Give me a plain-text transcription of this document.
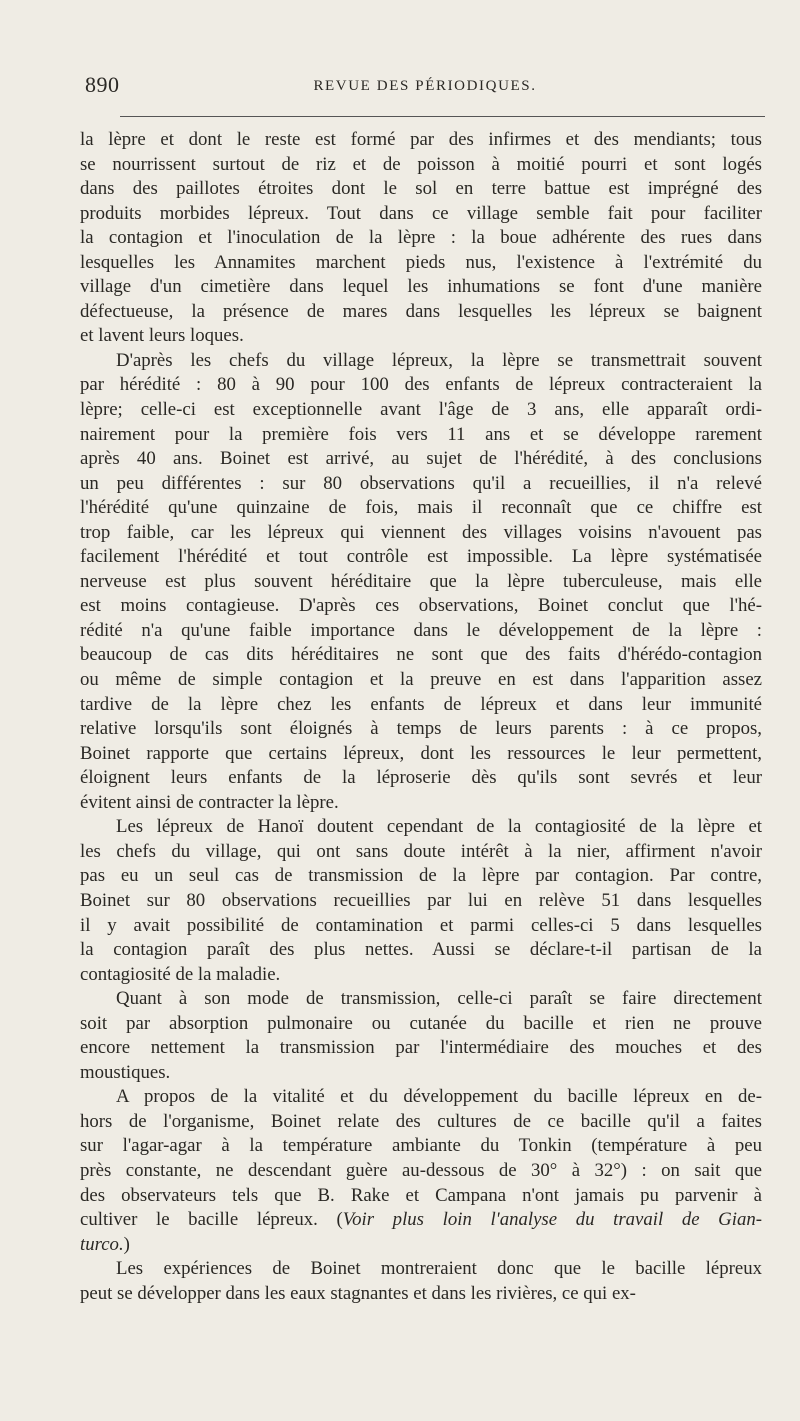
890	REVUE DES PÉRIODIQUES.

la lèpre et dont le reste est formé par des infirmes et des mendiants; tous
se nourrissent surtout de riz et de poisson à moitié pourri et sont logés
dans des paillotes étroites dont le sol en terre battue est imprégné des
produits morbides lépreux. Tout dans ce village semble fait pour faciliter
la contagion et l'inoculation de la lèpre : la boue adhérente des rues dans
lesquelles les Annamites marchent pieds nus, l'existence à l'extrémité du
village d'un cimetière dans lequel les inhumations se font d'une manière
défectueuse, la présence de mares dans lesquelles les lépreux se baignent
et lavent leurs loques.

D'après les chefs du village lépreux, la lèpre se transmettrait souvent
par hérédité : 80 à 90 pour 100 des enfants de lépreux contracteraient la
lèpre; celle-ci est exceptionnelle avant l'âge de 3 ans, elle apparaît ordi-
nairement pour la première fois vers 11 ans et se développe rarement
après 40 ans. Boinet est arrivé, au sujet de l'hérédité, à des conclusions
un peu différentes : sur 80 observations qu'il a recueillies, il n'a relevé
l'hérédité qu'une quinzaine de fois, mais il reconnaît que ce chiffre est
trop faible, car les lépreux qui viennent des villages voisins n'avouent pas
facilement l'hérédité et tout contrôle est impossible. La lèpre systématisée
nerveuse est plus souvent héréditaire que la lèpre tuberculeuse, mais elle
est moins contagieuse. D'après ces observations, Boinet conclut que l'hé-
rédité n'a qu'une faible importance dans le développement de la lèpre :
beaucoup de cas dits héréditaires ne sont que des faits d'hérédo-contagion
ou même de simple contagion et la preuve en est dans l'apparition assez
tardive de la lèpre chez les enfants de lépreux et dans leur immunité
relative lorsqu'ils sont éloignés à temps de leurs parents : à ce propos,
Boinet rapporte que certains lépreux, dont les ressources le leur permettent,
éloignent leurs enfants de la léproserie dès qu'ils sont sevrés et leur
évitent ainsi de contracter la lèpre.

Les lépreux de Hanoï doutent cependant de la contagiosité de la lèpre et
les chefs du village, qui ont sans doute intérêt à la nier, affirment n'avoir
pas eu un seul cas de transmission de la lèpre par contagion. Par contre,
Boinet sur 80 observations recueillies par lui en relève 51 dans lesquelles
il y avait possibilité de contamination et parmi celles-ci 5 dans lesquelles
la contagion paraît des plus nettes. Aussi se déclare-t-il partisan de la
contagiosité de la maladie.

Quant à son mode de transmission, celle-ci paraît se faire directement
soit par absorption pulmonaire ou cutanée du bacille et rien ne prouve
encore nettement la transmission par l'intermédiaire des mouches et des
moustiques.

A propos de la vitalité et du développement du bacille lépreux en de-
hors de l'organisme, Boinet relate des cultures de ce bacille qu'il a faites
sur l'agar-agar à la température ambiante du Tonkin (température à peu
près constante, ne descendant guère au-dessous de 30° à 32°) : on sait que
des observateurs tels que B. Rake et Campana n'ont jamais pu parvenir à
cultiver le bacille lépreux. (Voir plus loin l'analyse du travail de Gian-
turco.)

Les expériences de Boinet montreraient donc que le bacille lépreux
peut se développer dans les eaux stagnantes et dans les rivières, ce qui ex-
